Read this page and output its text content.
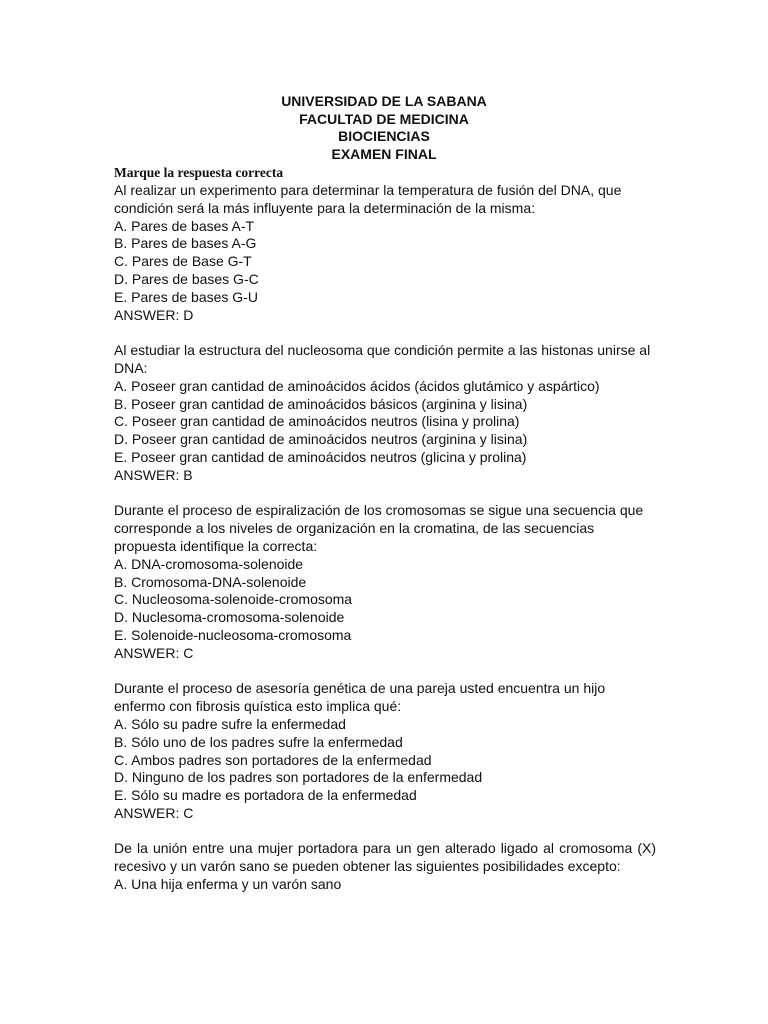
UNIVERSIDAD DE LA SABANA
FACULTAD DE MEDICINA
BIOCIENCIAS
EXAMEN FINAL
Marque la respuesta correcta
Al realizar un experimento para determinar la temperatura de fusión del DNA, que condición será la más influyente para la determinación de la misma:
A. Pares de bases A-T
B. Pares de bases A-G
C. Pares de Base G-T
D. Pares de bases G-C
E. Pares de bases G-U
ANSWER: D
Al estudiar la estructura del nucleosoma que condición permite a las histonas unirse al DNA:
A. Poseer gran cantidad de aminoácidos ácidos (ácidos glutámico y aspártico)
B. Poseer gran cantidad de aminoácidos básicos (arginina y lisina)
C. Poseer gran cantidad de aminoácidos neutros (lisina y prolina)
D. Poseer gran cantidad de aminoácidos neutros (arginina y lisina)
E. Poseer gran cantidad de aminoácidos neutros (glicina y prolina)
ANSWER: B
Durante el proceso de espiralización de los cromosomas se sigue una secuencia que corresponde a los niveles de organización en la cromatina, de las secuencias propuesta identifique la correcta:
A. DNA-cromosoma-solenoide
B. Cromosoma-DNA-solenoide
C. Nucleosoma-solenoide-cromosoma
D. Nuclesoma-cromosoma-solenoide
E. Solenoide-nucleosoma-cromosoma
ANSWER: C
Durante el proceso de asesoría genética de una pareja usted encuentra un hijo enfermo con fibrosis quística esto implica qué:
A. Sólo su padre sufre la enfermedad
B. Sólo uno de los padres sufre la enfermedad
C. Ambos padres son portadores de la enfermedad
D. Ninguno de los padres son portadores de la enfermedad
E. Sólo su madre es portadora de la enfermedad
ANSWER: C
De la unión entre una mujer portadora para un gen alterado ligado al cromosoma (X) recesivo y un varón sano se pueden obtener las siguientes posibilidades excepto:
A. Una hija enferma y un varón sano
